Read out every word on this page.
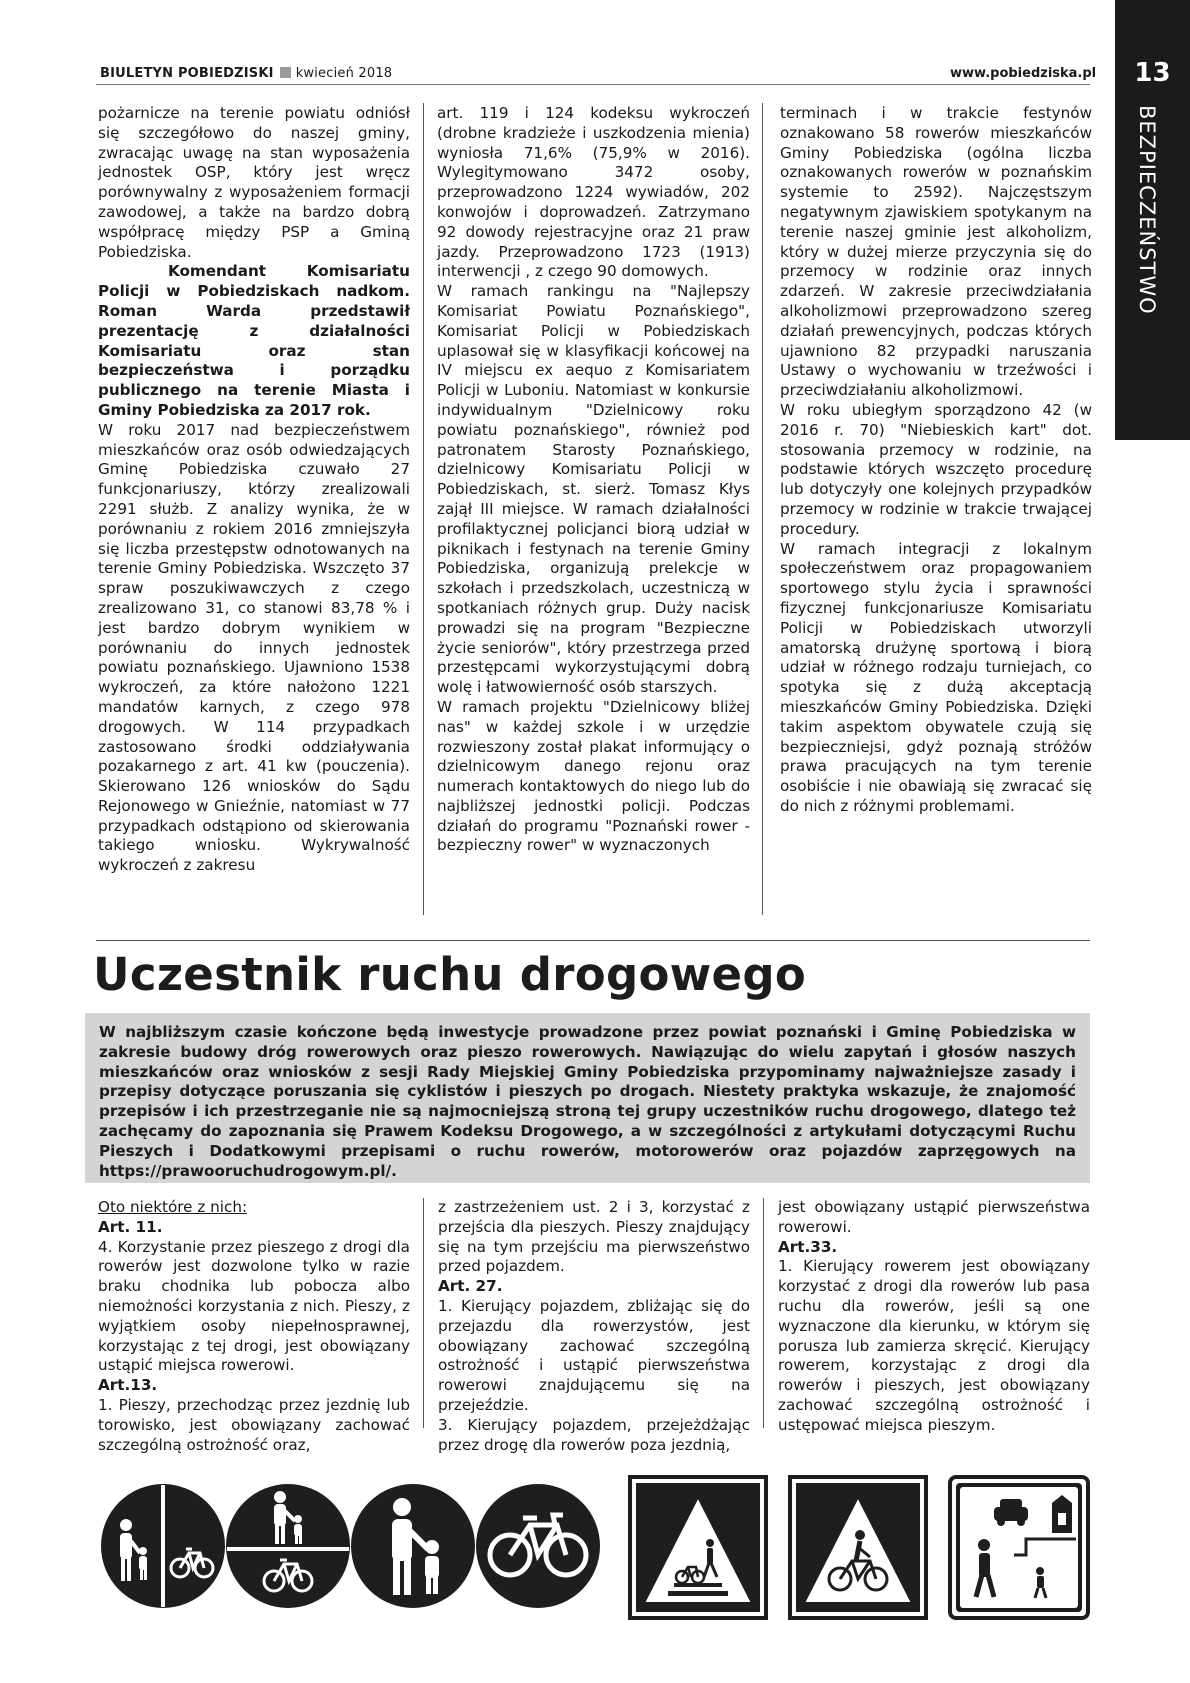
BIULETYN POBIEDZISKI kwiecień 2018	www.pobiedziska.pl	13
BEZPIECZEŃSTWO

pożarnicze na terenie powiatu odniósł się szczegółowo do naszej gminy, zwracając uwagę na stan wyposażenia jednostek OSP, który jest wręcz porównywalny z wyposażeniem formacji zawodowej, a także na bardzo dobrą współpracę między PSP a Gminą Pobiedziska.

Komendant Komisariatu Policji w Pobiedziskach nadkom. Roman Warda przedstawił prezentację z działalności Komisariatu oraz stan bezpieczeństwa i porządku publicznego na terenie Miasta i Gminy Pobiedziska za 2017 rok.

W roku 2017 nad bezpieczeństwem mieszkańców oraz osób odwiedzających Gminę Pobiedziska czuwało 27 funkcjonariuszy, którzy zrealizowali 2291 służb. Z analizy wynika, że w porównaniu z rokiem 2016 zmniejszyła się liczba przestępstw odnotowanych na terenie Gminy Pobiedziska. Wszczęto 37 spraw poszukiwawczych z czego zrealizowano 31, co stanowi 83,78 % i jest bardzo dobrym wynikiem w porównaniu do innych jednostek powiatu poznańskiego. Ujawniono 1538 wykroczeń, za które nałożono 1221 mandatów karnych, z czego 978 drogowych. W 114 przypadkach zastosowano środki oddziaływania pozakarnego z art. 41 kw (pouczenia). Skierowano 126 wniosków do Sądu Rejonowego w Gnieźnie, natomiast w 77 przypadkach odstąpiono od skierowania takiego wniosku. Wykrywalność wykroczeń z zakresu

art. 119 i 124 kodeksu wykroczeń (drobne kradzieże i uszkodzenia mienia) wyniosła 71,6% (75,9% w 2016). Wylegitymowano 3472 osoby, przeprowadzono 1224 wywiadów, 202 konwojów i doprowadzeń. Zatrzymano 92 dowody rejestracyjne oraz 21 praw jazdy. Przeprowadzono 1723 (1913) interwencji , z czego 90 domowych.

W ramach rankingu na "Najlepszy Komisariat Powiatu Poznańskiego", Komisariat Policji w Pobiedziskach uplasował się w klasyfikacji końcowej na IV miejscu ex aequo z Komisariatem Policji w Luboniu. Natomiast w konkursie indywidualnym "Dzielnicowy roku powiatu poznańskiego", również pod patronatem Starosty Poznańskiego, dzielnicowy Komisariatu Policji w Pobiedziskach, st. sierż. Tomasz Kłys zajął III miejsce. W ramach działalności profilaktycznej policjanci biorą udział w piknikach i festynach na terenie Gminy Pobiedziska, organizują prelekcje w szkołach i przedszkolach, uczestniczą w spotkaniach różnych grup. Duży nacisk prowadzi się na program "Bezpieczne życie seniorów", który przestrzega przed przestępcami wykorzystującymi dobrą wolę i łatwowierność osób starszych.

W ramach projektu "Dzielnicowy bliżej nas" w każdej szkole i w urzędzie rozwieszony został plakat informujący o dzielnicowym danego rejonu oraz numerach kontaktowych do niego lub do najbliższej jednostki policji. Podczas działań do programu "Poznański rower - bezpieczny rower" w wyznaczonych

terminach i w trakcie festynów oznakowano 58 rowerów mieszkańców Gminy Pobiedziska (ogólna liczba oznakowanych rowerów w poznańskim systemie to 2592). Najczęstszym negatywnym zjawiskiem spotykanym na terenie naszej gminie jest alkoholizm, który w dużej mierze przyczynia się do przemocy w rodzinie oraz innych zdarzeń. W zakresie przeciwdziałania alkoholizmowi przeprowadzono szereg działań prewencyjnych, podczas których ujawniono 82 przypadki naruszania Ustawy o wychowaniu w trzeźwości i przeciwdziałaniu alkoholizmowi.

W roku ubiegłym sporządzono 42 (w 2016 r. 70) "Niebieskich kart" dot. stosowania przemocy w rodzinie, na podstawie których wszczęto procedurę lub dotyczyły one kolejnych przypadków przemocy w rodzinie w trakcie trwającej procedury.

W ramach integracji z lokalnym społeczeństwem oraz propagowaniem sportowego stylu życia i sprawności fizycznej funkcjonariusze Komisariatu Policji w Pobiedziskach utworzyli amatorską drużynę sportową i biorą udział w różnego rodzaju turniejach, co spotyka się z dużą akceptacją mieszkańców Gminy Pobiedziska. Dzięki takim aspektom obywatele czują się bezpieczniejsi, gdyż poznają stróżów prawa pracujących na tym terenie osobiście i nie obawiają się zwracać się do nich z różnymi problemami.

Uczestnik ruchu drogowego

W najbliższym czasie kończone będą inwestycje prowadzone przez powiat poznański i Gminę Pobiedziska w zakresie budowy dróg rowerowych oraz pieszo rowerowych. Nawiązując do wielu zapytań i głosów naszych mieszkańców oraz wniosków z sesji Rady Miejskiej Gminy Pobiedziska przypominamy najważniejsze zasady i przepisy dotyczące poruszania się cyklistów i pieszych po drogach. Niestety praktyka wskazuje, że znajomość przepisów i ich przestrzeganie nie są najmocniejszą stroną tej grupy uczestników ruchu drogowego, dlatego też zachęcamy do zapoznania się Prawem Kodeksu Drogowego, a w szczególności z artykułami dotyczącymi Ruchu Pieszych i Dodatkowymi przepisami o ruchu rowerów, motorowerów oraz pojazdów zaprzęgowych na https://prawooruchudrogowym.pl/.

Oto niektóre z nich:

Art. 11.

4. Korzystanie przez pieszego z drogi dla rowerów jest dozwolone tylko w razie braku chodnika lub pobocza albo niemożności korzystania z nich. Pieszy, z wyjątkiem osoby niepełnosprawnej, korzystając z tej drogi, jest obowiązany ustąpić miejsca rowerowi.

Art.13.

1. Pieszy, przechodząc przez jezdnię lub torowisko, jest obowiązany zachować szczególną ostrożność oraz,

z zastrzeżeniem ust. 2 i 3, korzystać z przejścia dla pieszych. Pieszy znajdujący się na tym przejściu ma pierwszeństwo przed pojazdem.

Art. 27.

1. Kierujący pojazdem, zbliżając się do przejazdu dla rowerzystów, jest obowiązany zachować szczególną ostrożność i ustąpić pierwszeństwa rowerowi znajdującemu się na przejeździe.

3. Kierujący pojazdem, przejeżdżając przez drogę dla rowerów poza jezdnią,

jest obowiązany ustąpić pierwszeństwa rowerowi.

Art.33.

1. Kierujący rowerem jest obowiązany korzystać z drogi dla rowerów lub pasa ruchu dla rowerów, jeśli są one wyznaczone dla kierunku, w którym się porusza lub zamierza skręcić. Kierujący rowerem, korzystając z drogi dla rowerów i pieszych, jest obowiązany zachować szczególną ostrożność i ustępować miejsca pieszym.
